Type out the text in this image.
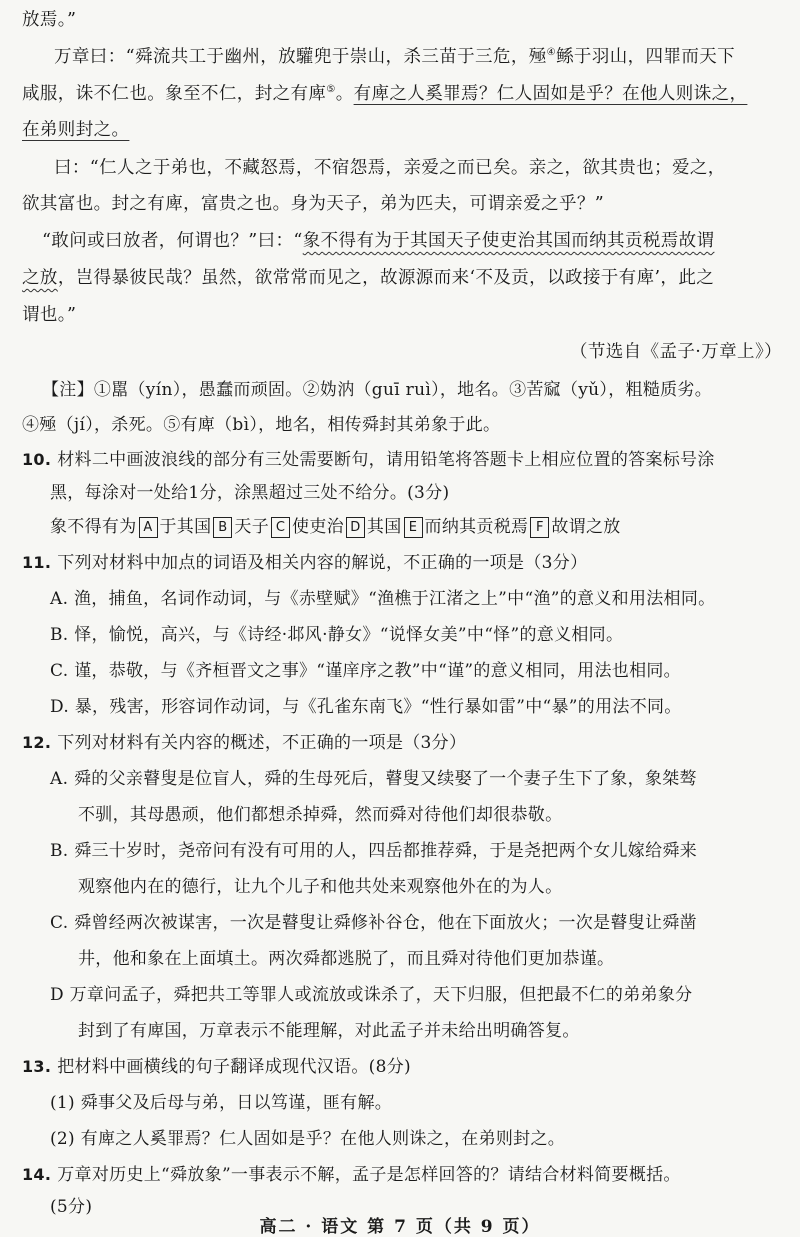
放焉。”
万章曰：“舜流共工于幽州，放驩兜于崇山，杀三苗于三危，殛④鲧于羽山，四罪而天下
咸服，诛不仁也。象至不仁，封之有庳⑤。有庳之人奚罪焉？仁人固如是乎？在他人则诛之，
在弟则封之。
曰：“仁人之于弟也，不藏怒焉，不宿怨焉，亲爱之而已矣。亲之，欲其贵也；爱之，
欲其富也。封之有庳，富贵之也。身为天子，弟为匹夫，可谓亲爱之乎？”
“敢问或曰放者，何谓也？”曰：“象不得有为于其国天子使吏治其国而纳其贡税焉故谓
之放，岂得暴彼民哉？虽然，欲常常而见之，故源源而来‘不及贡，以政接于有庳’，此之
谓也。”
（节选自《孟子·万章上》）
【注】①嚚（yín），愚蠢而顽固。②妫汭（guī ruì），地名。③苦窳（yǔ），粗糙质劣。
④殛（jí），杀死。⑤有庳（bì），地名，相传舜封其弟象于此。
10. 材料二中画波浪线的部分有三处需要断句，请用铅笔将答题卡上相应位置的答案标号涂
黑，每涂对一处给1分，涂黑超过三处不给分。(3分)
象不得有为 A 于其国 B 天子 C 使吏治 D 其国 E 而纳其贡税焉 F 故谓之放
11. 下列对材料中加点的词语及相关内容的解说，不正确的一项是（3分）
A. 渔，捕鱼，名词作动词，与《赤壁赋》“渔樵于江渚之上”中“渔”的意义和用法相同。
B. 怿，愉悦，高兴，与《诗经·邶风·静女》“说怿女美”中“怿”的意义相同。
C. 谨，恭敬，与《齐桓晋文之事》“谨庠序之教”中“谨”的意义相同，用法也相同。
D. 暴，残害，形容词作动词，与《孔雀东南飞》“性行暴如雷”中“暴”的用法不同。
12. 下列对材料有关内容的概述，不正确的一项是（3分）
A. 舜的父亲瞽叟是位盲人，舜的生母死后，瞽叟又续娶了一个妻子生下了象，象桀骜
不驯，其母愚顽，他们都想杀掉舜，然而舜对待他们却很恭敬。
B. 舜三十岁时，尧帝问有没有可用的人，四岳都推荐舜，于是尧把两个女儿嫁给舜来
观察他内在的德行，让九个儿子和他共处来观察他外在的为人。
C. 舜曾经两次被谋害，一次是瞽叟让舜修补谷仓，他在下面放火；一次是瞽叟让舜凿
井，他和象在上面填土。两次舜都逃脱了，而且舜对待他们更加恭谨。
D 万章问孟子，舜把共工等罪人或流放或诛杀了，天下归服，但把最不仁的弟弟象分
封到了有庳国，万章表示不能理解，对此孟子并未给出明确答复。
13. 把材料中画横线的句子翻译成现代汉语。(8分)
(1) 舜事父及后母与弟，日以笃谨，匪有解。
(2) 有庳之人奚罪焉？仁人固如是乎？在他人则诛之，在弟则封之。
14. 万章对历史上“舜放象”一事表示不解，孟子是怎样回答的？请结合材料简要概括。
(5分)
高二 · 语文 第 7 页（共 9 页）
